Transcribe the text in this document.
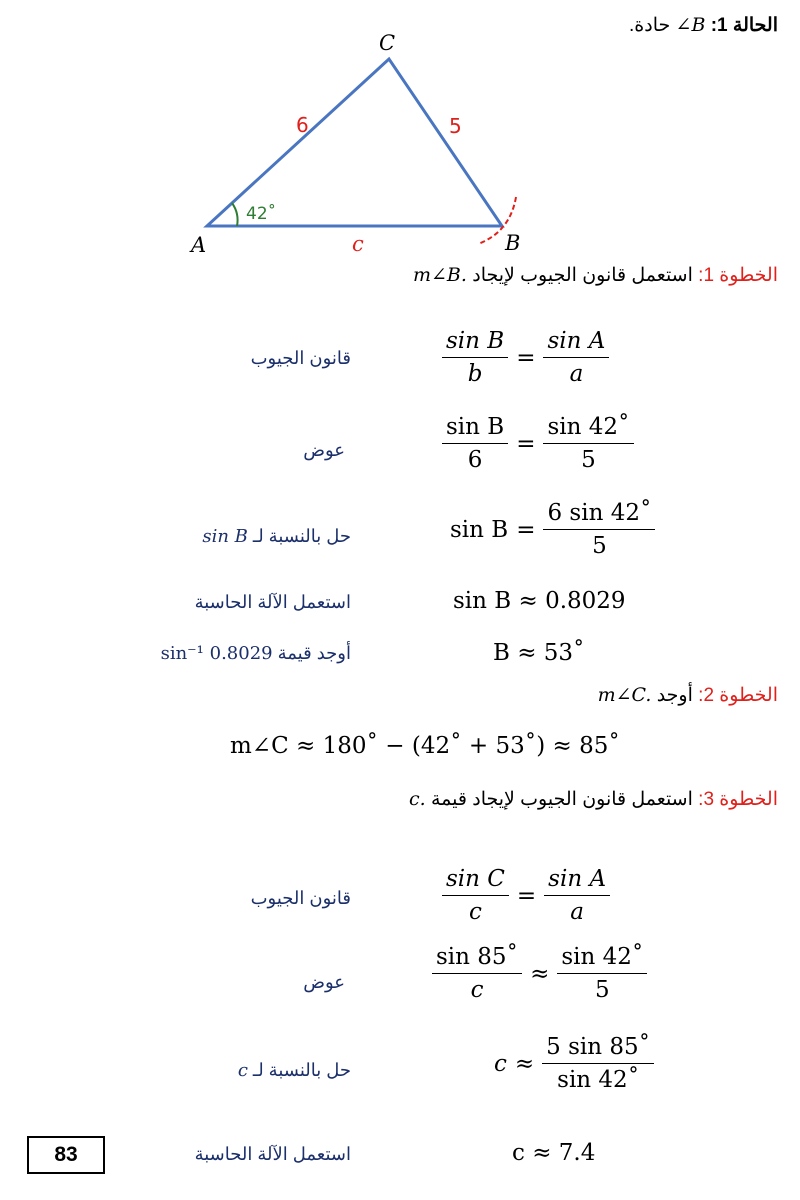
الحالة 1: ∠B حادة.
A	B
C
6	5
c
42˚
الخطوة 1: استعمل قانون الجيوب لإيجاد m∠B.
قانون الجيوب	$\frac{\text{sin B}}{b} = \frac{\text{sin A}}{a}$
عوض	$\frac{\text{sin B}}{6} = \frac{\sin 42˚}{5}$
حل بالنسبة لـ sin B	$\sin B = \frac{6 \sin 42˚}{5}$
استعمل الآلة الحاسبة	sin B ≈ 0.8029
أوجد قيمة sin⁻¹ 0.8029	B ≈ 53˚
الخطوة 2: أوجد m∠C.
m∠C ≈ 180˚ − (42˚ + 53˚) ≈ 85˚
الخطوة 3: استعمل قانون الجيوب لإيجاد قيمة c.
قانون الجيوب	$\frac{\text{sin C}}{c} = \frac{\text{sin A}}{a}$
عوض	$\frac{\sin 85˚}{c} \approx \frac{\sin 42˚}{5}$
حل بالنسبة لـ c	$c \approx \frac{5 \sin 85˚}{\sin 42˚}$
استعمل الآلة الحاسبة	c ≈ 7.4
83
